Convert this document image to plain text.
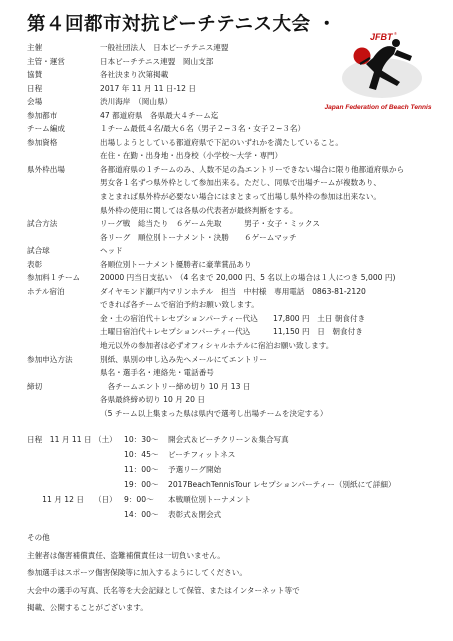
第４回都市対抗ビーチテニス大会 ・
JFBT ®
Japan Federation of Beach Tennis
主催	一般社団法人　日本ビーチテニス連盟
主管・運営	日本ビーチテニス連盟　岡山支部
協賛	各社決まり次第掲載
日程	2017 年 11 月 11 日-12 日
会場	渋川海岸　（岡山県）
参加都市	47 都道府県　各県最大４チーム迄
チーム編成	１チーム最低４名/最大６名（男子２~３名・女子２~３名）
参加資格	出場しようとしている都道府県で下記のいずれかを満たしていること。
在住・在勤・出身地・出身校（小学校～大学・専門）
県外枠出場	各都道府県の１チームのみ、人数不足の為エントリーできない場合に限り他都道府県から
男女各１名ずつ県外枠として参加出来る。ただし、同県で出場チームが複数あり、
まとまれば県外枠が必要ない場合にはまとまって出場し県外枠の参加は出来ない。
県外枠の使用に関しては各県の代表者が最終判断をする。
試合方法	リーグ戦　総当たり　６ゲーム先取　　　男子・女子・ミックス
各リーグ　順位別トーナメント・決勝　　６ゲームマッチ
試合球	ヘッド
表彰	各順位別トーナメント優勝者に豪華賞品あり
参加料１チーム	20000 円当日支払い　（4 名まで 20,000 円、5 名以上の場合は１人につき 5,000 円)
ホテル宿泊	ダイヤモンド瀬戸内マリンホテル　担当　中村様　専用電話　0863-81-2120
できれば各チームで宿泊予約お願い致します。
金・土の宿泊代＋レセプションパーティー代込　　17,800 円　土日 朝食付き
土曜日宿泊代＋レセプションパーティー代込　　　11,150 円　日　朝食付き
地元以外の参加者は必ずオフィシャルホテルに宿泊お願い致します。
参加申込方法	別紙、県別の申し込み先へメールにてエントリー
県名・選手名・連絡先・電話番号
締切	　各チームエントリー締め切り 10 月 13 日
各県最終締め切り 10 月 20 日
（5 チーム以上集まった県は県内で選考し出場チームを決定する）
日程　11 月 11 日 （土） 10：30～	開会式＆ビーチクリーン＆集合写真
10：45～	ビーチフィットネス
11：00～	予選リーグ開始
19：00～	2017BeachTennisTour レセプションパーティー（別紙にて詳細）
　　11 月 12 日	（日） 9：00～	本戦順位別トーナメント
14：00～	表彰式＆閉会式
その他
主催者は傷害補償責任、盗難補償責任は一切負いません。
参加選手はスポーツ傷害保険等に加入するようにしてください。
大会中の選手の写真、氏名等を大会記録として保管、またはインターネット等で
掲載、公開することがございます。
